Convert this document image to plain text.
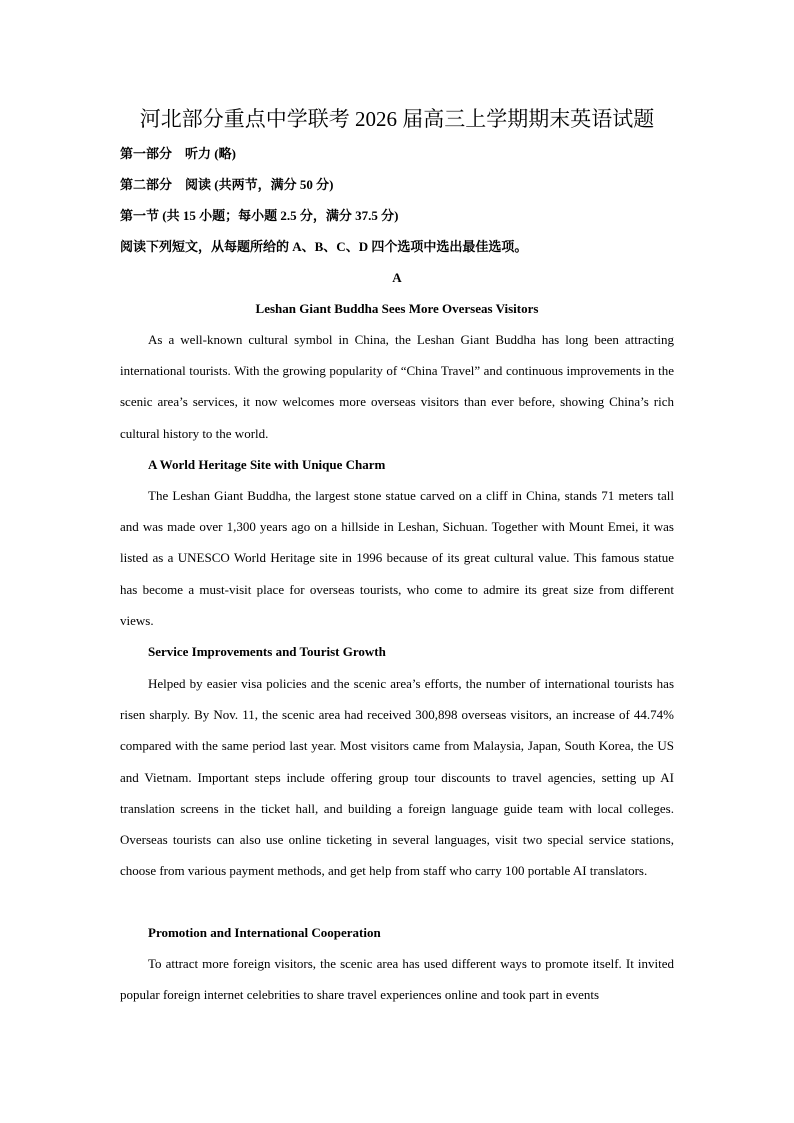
河北部分重点中学联考 2026 届高三上学期期末英语试题
第一部分　听力 (略)
第二部分　阅读 (共两节，满分 50 分)
第一节 (共 15 小题；每小题 2.5 分，满分 37.5 分)
阅读下列短文，从每题所给的 A、B、C、D 四个选项中选出最佳选项。
A
Leshan Giant Buddha Sees More Overseas Visitors

As a well-known cultural symbol in China, the Leshan Giant Buddha has long been attracting international tourists. With the growing popularity of “China Travel” and continuous improvements in the scenic area’s services, it now welcomes more overseas visitors than ever before, showing China’s rich cultural history to the world.

A World Heritage Site with Unique Charm

The Leshan Giant Buddha, the largest stone statue carved on a cliff in China, stands 71 meters tall and was made over 1,300 years ago on a hillside in Leshan, Sichuan. Together with Mount Emei, it was listed as a UNESCO World Heritage site in 1996 because of its great cultural value. This famous statue has become a must-visit place for overseas tourists, who come to admire its great size from different views.

Service Improvements and Tourist Growth

Helped by easier visa policies and the scenic area’s efforts, the number of international tourists has risen sharply. By Nov. 11, the scenic area had received 300,898 overseas visitors, an increase of 44.74% compared with the same period last year. Most visitors came from Malaysia, Japan, South Korea, the US and Vietnam. Important steps include offering group tour discounts to travel agencies, setting up AI translation screens in the ticket hall, and building a foreign language guide team with local colleges. Overseas tourists can also use online ticketing in several languages, visit two special service stations, choose from various payment methods, and get help from staff who carry 100 portable AI translators.

Promotion and International Cooperation

To attract more foreign visitors, the scenic area has used different ways to promote itself. It invited popular foreign internet celebrities to share travel experiences online and took part in events
